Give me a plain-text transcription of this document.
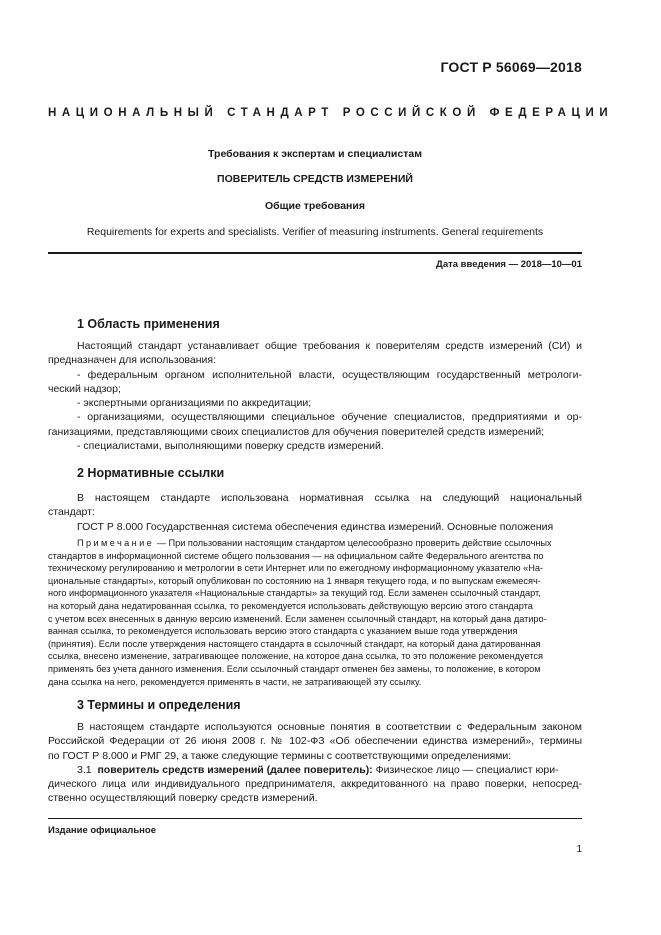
ГОСТ Р 56069—2018
НАЦИОНАЛЬНЫЙ СТАНДАРТ РОССИЙСКОЙ ФЕДЕРАЦИИ
Требования к экспертам и специалистам
ПОВЕРИТЕЛЬ СРЕДСТВ ИЗМЕРЕНИЙ
Общие требования
Requirements for experts and specialists. Verifier of measuring instruments. General requirements
Дата введения — 2018—10—01
1 Область применения
Настоящий стандарт устанавливает общие требования к поверителям средств измерений (СИ) и
предназначен для использования:
- федеральным органом исполнительной власти, осуществляющим государственный метрологи-
ческий надзор;
- экспертными организациями по аккредитации;
- организациями, осуществляющими специальное обучение специалистов, предприятиями и ор-
ганизациями, представляющими своих специалистов для обучения поверителей средств измерений;
- специалистами, выполняющими поверку средств измерений.
2 Нормативные ссылки
В настоящем стандарте использована нормативная ссылка на следующий национальный
стандарт:
ГОСТ Р 8.000 Государственная система обеспечения единства измерений. Основные положения
Примечание — При пользовании настоящим стандартом целесообразно проверить действие ссылочных
стандартов в информационной системе общего пользования — на официальном сайте Федерального агентства по
техническому регулированию и метрологии в сети Интернет или по ежегодному информационному указателю «На-
циональные стандарты», который опубликован по состоянию на 1 января текущего года, и по выпускам ежемесяч-
ного информационного указателя «Национальные стандарты» за текущий год. Если заменен ссылочный стандарт,
на который дана недатированная ссылка, то рекомендуется использовать действующую версию этого стандарта
с учетом всех внесенных в данную версию изменений. Если заменен ссылочный стандарт, на который дана датиро-
ванная ссылка, то рекомендуется использовать версию этого стандарта с указанием выше года утверждения
(принятия). Если после утверждения настоящего стандарта в ссылочный стандарт, на который дана датированная
ссылка, внесено изменение, затрагивающее положение, на которое дана ссылка, то это положение рекомендуется
применять без учета данного изменения. Если ссылочный стандарт отменен без замены, то положение, в котором
дана ссылка на него, рекомендуется применять в части, не затрагивающей эту ссылку.
3 Термины и определения
В настоящем стандарте используются основные понятия в соответствии с Федеральным законом
Российской Федерации от 26 июня 2008 г. № 102-ФЗ «Об обеспечении единства измерений», термины
по ГОСТ Р 8.000 и РМГ 29, а также следующие термины с соответствующими определениями:
3.1 поверитель средств измерений (далее поверитель): Физическое лицо — специалист юри-
дического лица или индивидуального предпринимателя, аккредитованного на право поверки, непосред-
ственно осуществляющий поверку средств измерений.
Издание официальное
1
